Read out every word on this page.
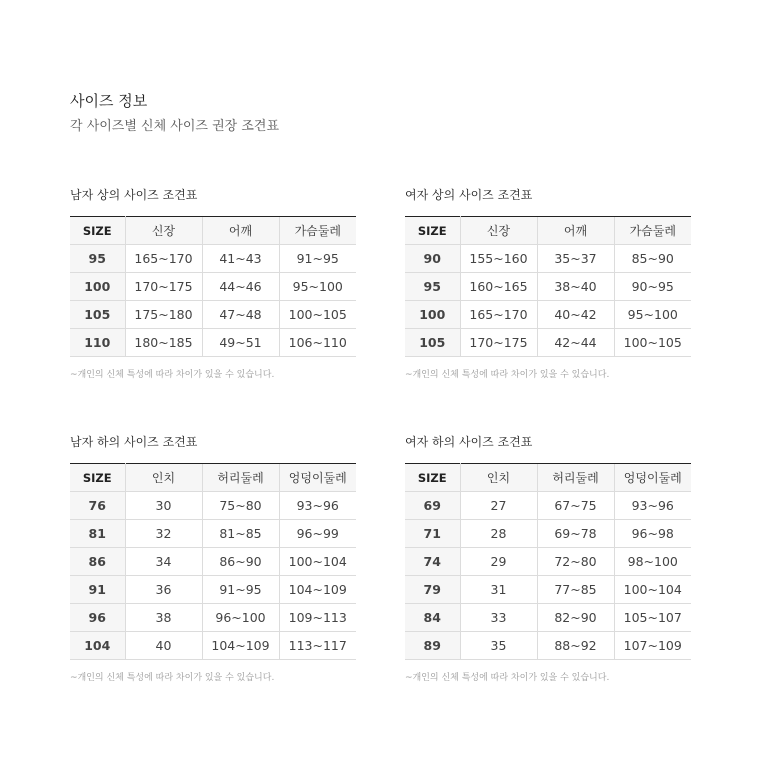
사이즈 정보
각 사이즈별 신체 사이즈 권장 조견표
남자 상의 사이즈 조견표
SIZE	신장	어깨	가슴둘레
95	165~170	41~43	91~95
100	170~175	44~46	95~100
105	175~180	47~48	100~105
110	180~185	49~51	106~110
~개인의 신체 특성에 따라 차이가 있을 수 있습니다.
여자 상의 사이즈 조견표
SIZE	신장	어깨	가슴둘레
90	155~160	35~37	85~90
95	160~165	38~40	90~95
100	165~170	40~42	95~100
105	170~175	42~44	100~105
~개인의 신체 특성에 따라 차이가 있을 수 있습니다.
남자 하의 사이즈 조견표
SIZE	인치	허리둘레	엉덩이둘레
76	30	75~80	93~96
81	32	81~85	96~99
86	34	86~90	100~104
91	36	91~95	104~109
96	38	96~100	109~113
104	40	104~109	113~117
~개인의 신체 특성에 따라 차이가 있을 수 있습니다.
여자 하의 사이즈 조견표
SIZE	인치	허리둘레	엉덩이둘레
69	27	67~75	93~96
71	28	69~78	96~98
74	29	72~80	98~100
79	31	77~85	100~104
84	33	82~90	105~107
89	35	88~92	107~109
~개인의 신체 특성에 따라 차이가 있을 수 있습니다.
